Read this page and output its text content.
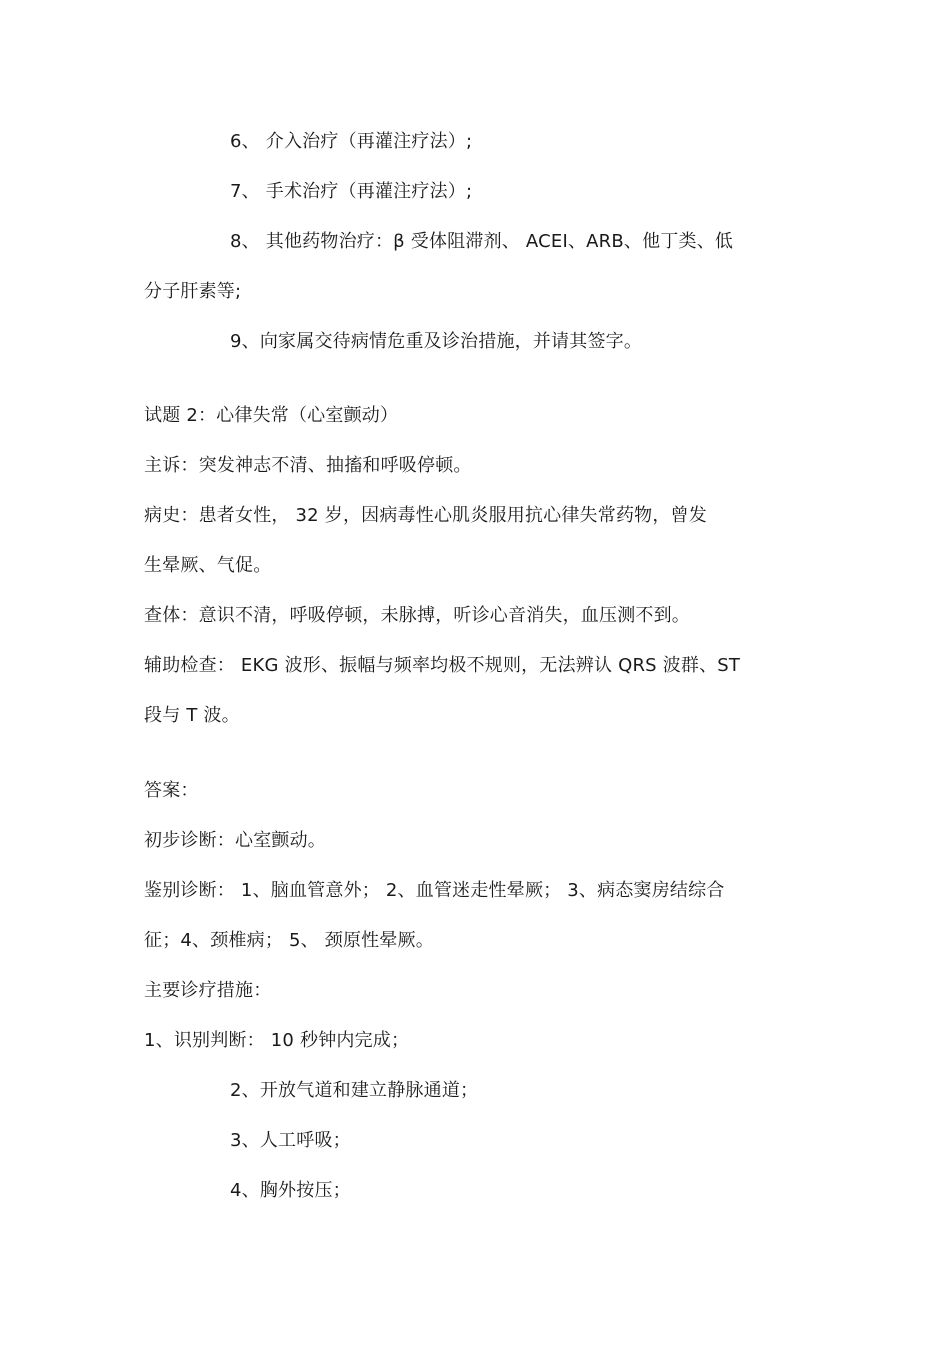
6、 介入治疗（再灌注疗法）;
7、 手术治疗（再灌注疗法）;
8、 其他药物治疗：β 受体阻滞剂、 ACEI、ARB、他丁类、低
分子肝素等;
9、向家属交待病情危重及诊治措施，并请其签字。
试题 2：心律失常（心室颤动）
主诉：突发神志不清、抽搐和呼吸停顿。
病史：患者女性， 32 岁，因病毒性心肌炎服用抗心律失常药物，曾发
生晕厥、气促。
查体：意识不清，呼吸停顿，未脉搏，听诊心音消失，血压测不到。
辅助检查： EKG 波形、振幅与频率均极不规则，无法辨认 QRS 波群、ST
段与 T 波。
答案：
初步诊断：心室颤动。
鉴别诊断： 1、脑血管意外； 2、血管迷走性晕厥； 3、病态窦房结综合
征；4、颈椎病； 5、 颈原性晕厥。
主要诊疗措施：
1、识别判断： 10 秒钟内完成；
2、开放气道和建立静脉通道；
3、人工呼吸；
4、胸外按压；
